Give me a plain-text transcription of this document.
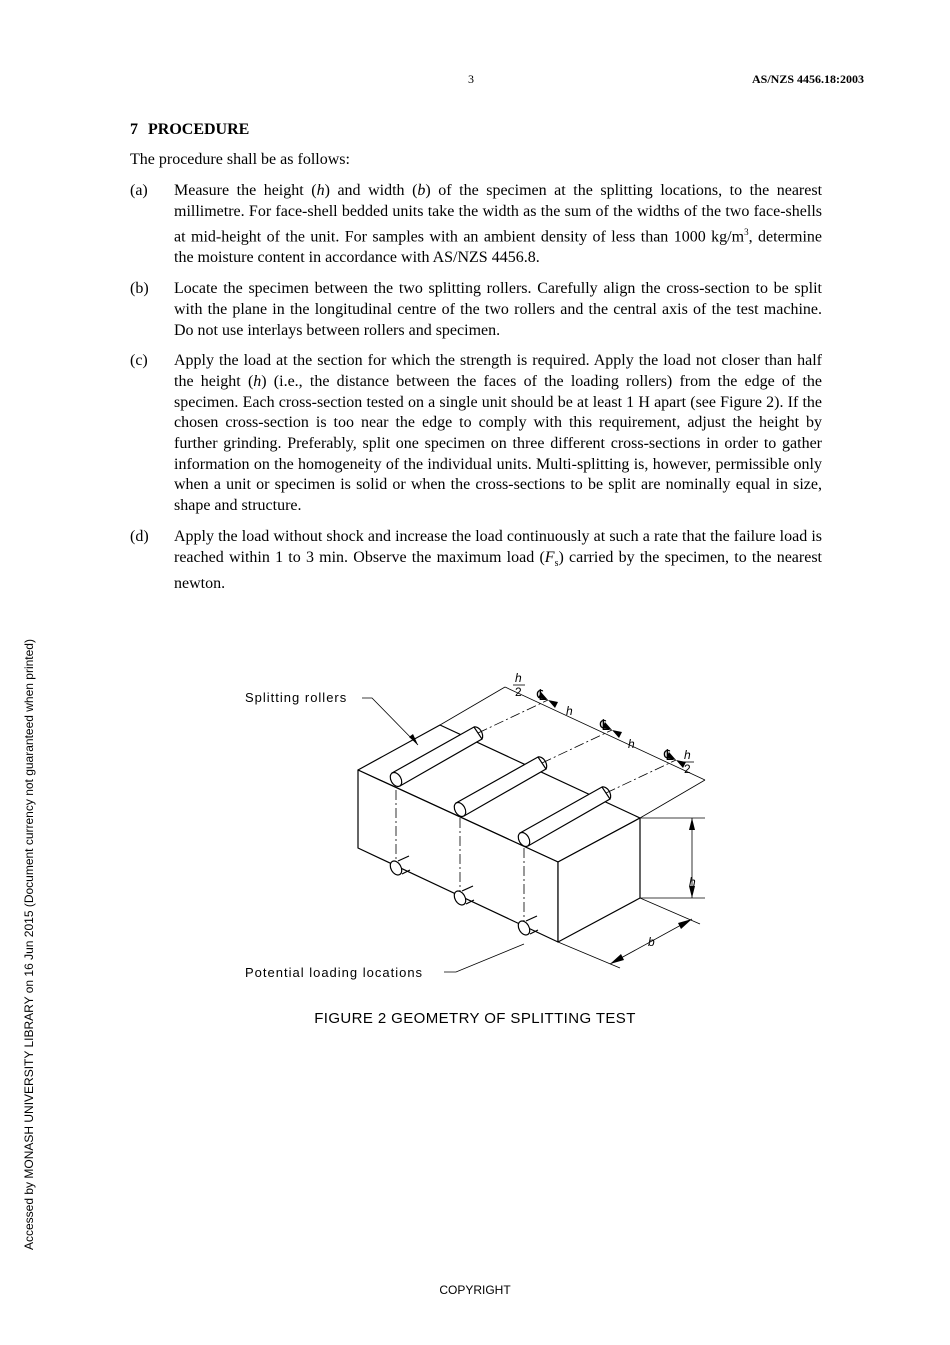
3	AS/NZS 4456.18:2003
7 PROCEDURE
The procedure shall be as follows:
(a) Measure the height (h) and width (b) of the specimen at the splitting locations, to the nearest millimetre. For face-shell bedded units take the width as the sum of the widths of the two face-shells at mid-height of the unit. For samples with an ambient density of less than 1000 $kg/m^3$, determine the moisture content in accordance with AS/NZS 4456.8.
(b) Locate the specimen between the two splitting rollers. Carefully align the cross-section to be split with the plane in the longitudinal centre of the two rollers and the central axis of the test machine. Do not use interlays between rollers and specimen.
(c) Apply the load at the section for which the strength is required. Apply the load not closer than half the height (h) (i.e., the distance between the faces of the loading rollers) from the edge of the specimen. Each cross-section tested on a single unit should be at least 1 H apart (see Figure 2). If the chosen cross-section is too near the edge to comply with this requirement, adjust the height by further grinding. Preferably, split one specimen on three different cross-sections in order to gather information on the homogeneity of the individual units. Multi-splitting is, however, permissible only when a unit or specimen is solid or when the cross-sections to be split are nominally equal in size, shape and structure.
(d) Apply the load without shock and increase the load continuously at such a rate that the failure load is reached within 1 to 3 min. Observe the maximum load $(F_s)$ carried by the specimen, to the nearest newton.
Splitting rollers
Potential loading locations
h
2 ℄
h
℄
h
℄ h
2
h
b
FIGURE 2 GEOMETRY OF SPLITTING TEST
Accessed by MONASH UNIVERSITY LIBRARY on 16 Jun 2015 (Document currency not guaranteed when printed)
COPYRIGHT
